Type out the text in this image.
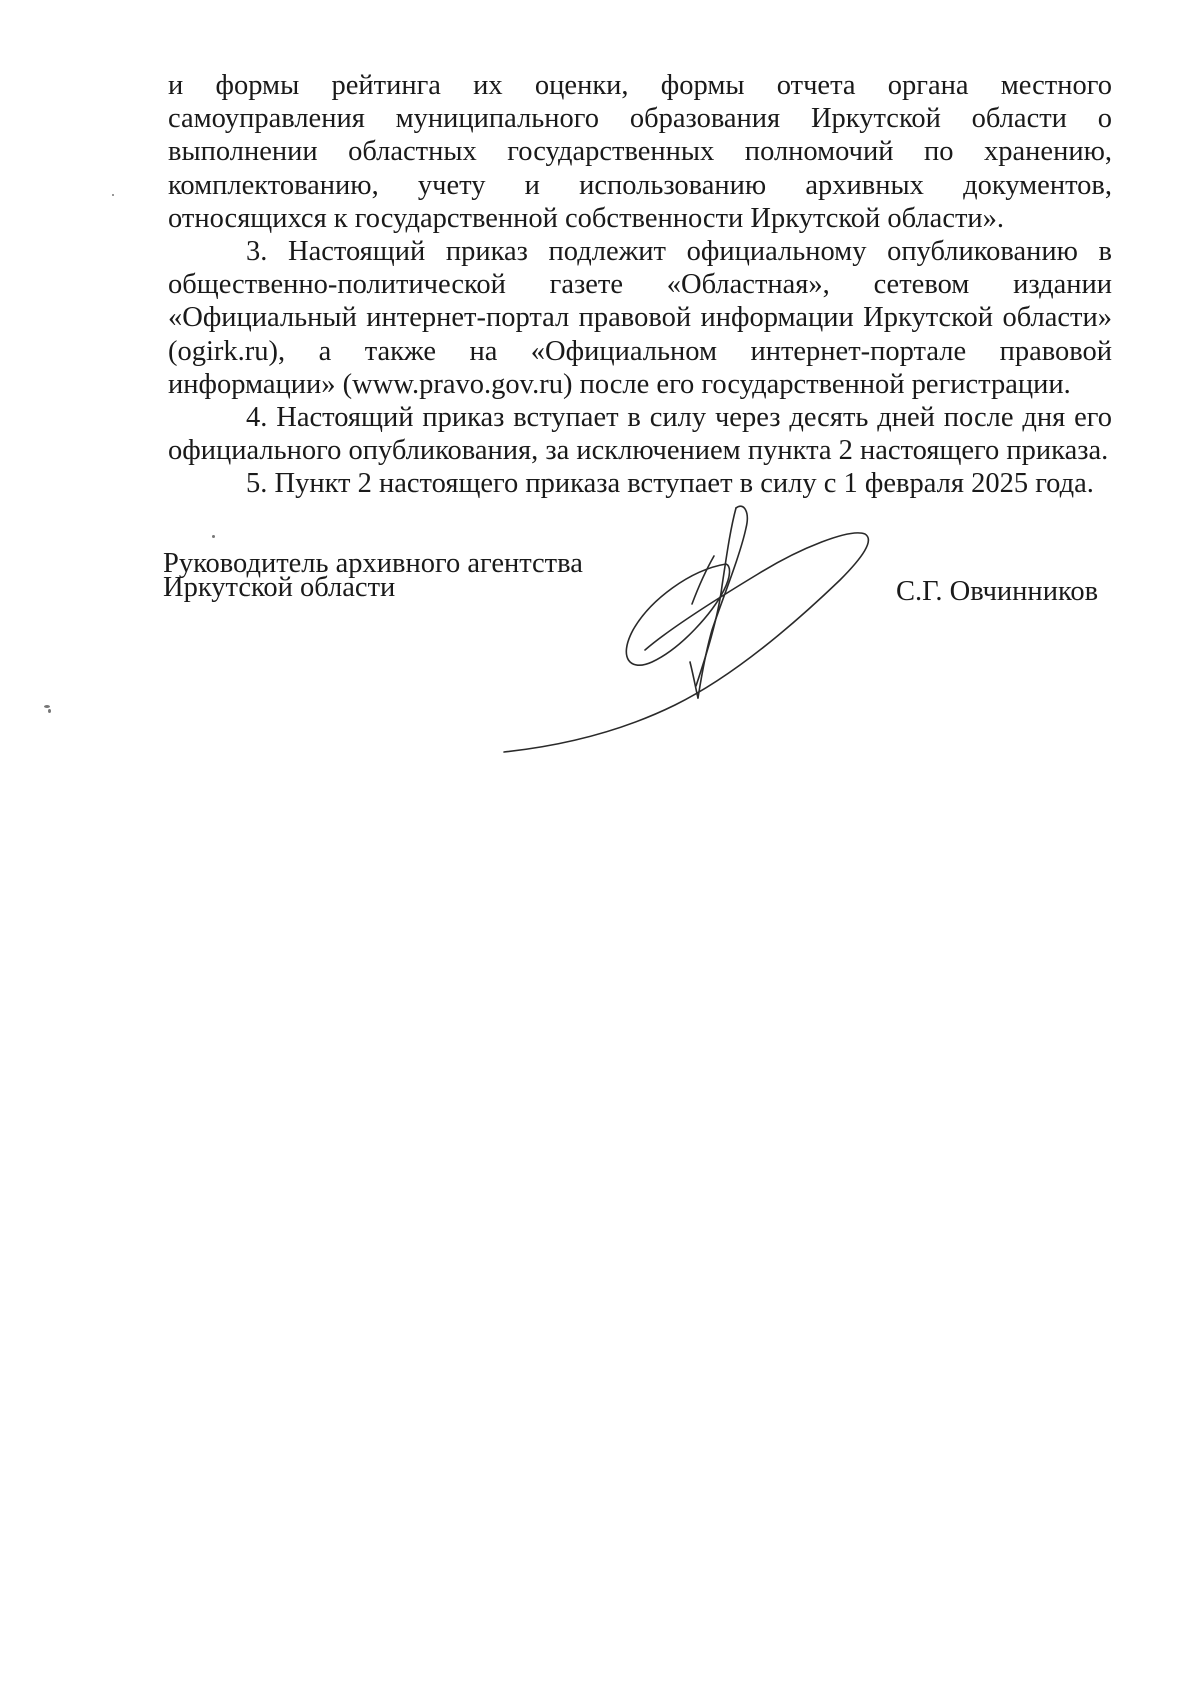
и формы рейтинга их оценки, формы отчета органа местного самоуправления муниципального образования Иркутской области о выполнении областных государственных полномочий по хранению, комплектованию, учету и использованию архивных документов, относящихся к государственной собственности Иркутской области».

3. Настоящий приказ подлежит официальному опубликованию в общественно-политической газете «Областная», сетевом издании «Официальный интернет-портал правовой информации Иркутской области» (ogirk.ru), а также на «Официальном интернет-портале правовой информации» (www.pravo.gov.ru) после его государственной регистрации.

4. Настоящий приказ вступает в силу через десять дней после дня его официального опубликования, за исключением пункта 2 настоящего приказа.

5. Пункт 2 настоящего приказа вступает в силу с 1 февраля 2025 года.

Руководитель архивного агентства
Иркутской области	С.Г. Овчинников
